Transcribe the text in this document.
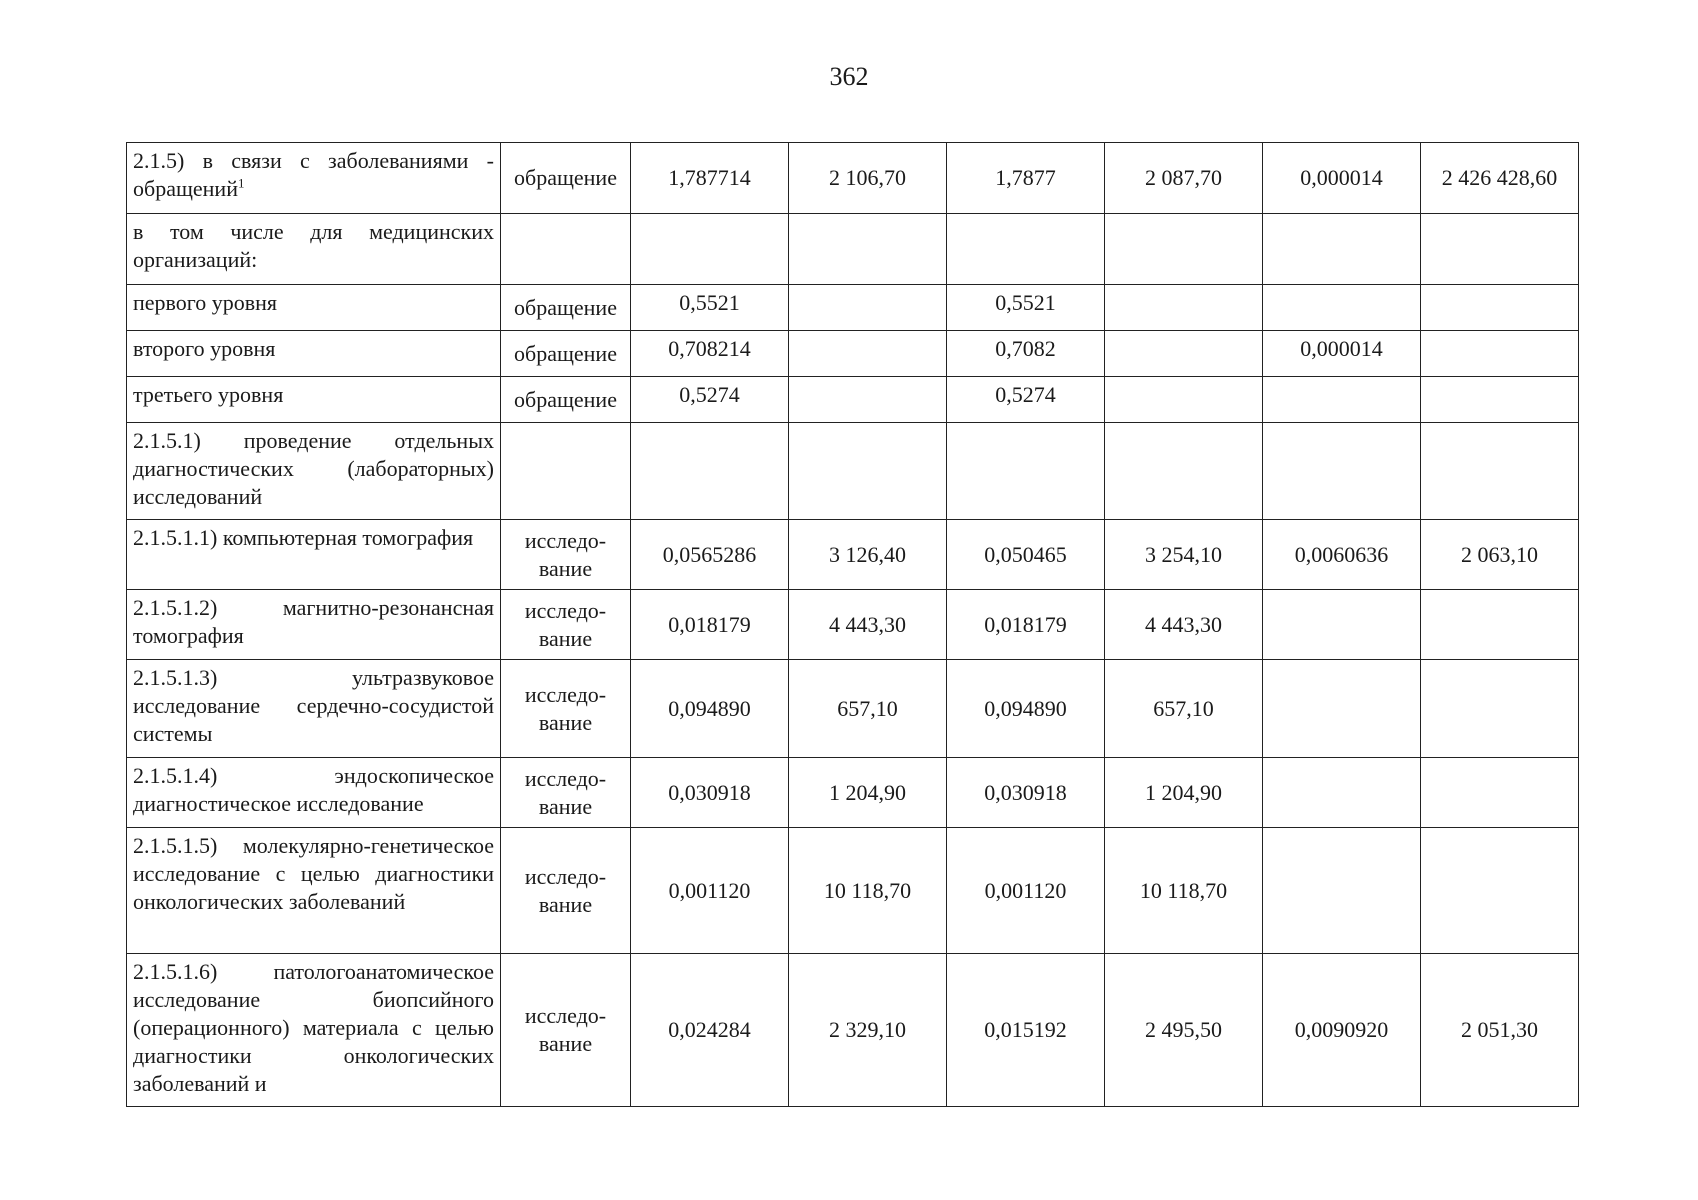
362
2.1.5) в связи с заболеваниями - обращений$^1$	обращение	1,787714	2 106,70	1,7877	2 087,70	0,000014	2 426 428,60
в том числе для медицинских организаций:							
первого уровня	обращение	0,5521		0,5521			
второго уровня	обращение	0,708214		0,7082		0,000014	
третьего уровня	обращение	0,5274		0,5274			
2.1.5.1) проведение отдельных диагностических (лабораторных) исследований							
2.1.5.1.1) компьютерная томография	исследо-вание	0,0565286	3 126,40	0,050465	3 254,10	0,0060636	2 063,10
2.1.5.1.2) магнитно-резонансная томография	исследо-вание	0,018179	4 443,30	0,018179	4 443,30		
2.1.5.1.3) ультразвуковое исследование сердечно-сосудистой системы	исследо-вание	0,094890	657,10	0,094890	657,10		
2.1.5.1.4) эндоскопическое диагностическое исследование	исследо-вание	0,030918	1 204,90	0,030918	1 204,90		
2.1.5.1.5) молекулярно-генетическое исследование с целью диагностики онкологических заболеваний	исследо-вание	0,001120	10 118,70	0,001120	10 118,70		
2.1.5.1.6) патологоанатомическое исследование биопсийного (операционного) материала с целью диагностики онкологических заболеваний и	исследо-вание	0,024284	2 329,10	0,015192	2 495,50	0,0090920	2 051,30
